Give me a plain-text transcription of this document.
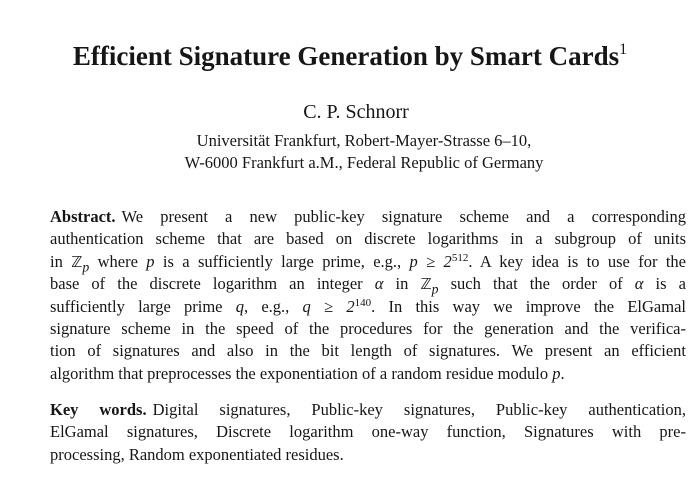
Efficient Signature Generation by Smart Cards$^1$
C. P. Schnorr
Universität Frankfurt, Robert-Mayer-Strasse 6–10,
W-6000 Frankfurt a.M., Federal Republic of Germany
Abstract. We present a new public-key signature scheme and a corresponding
authentication scheme that are based on discrete logarithms in a subgroup of units
in ℤ$_p$ where p is a sufficiently large prime, e.g., $p \ge 2^{512}$. A key idea is to use for the
base of the discrete logarithm an integer α in ℤ$_p$ such that the order of α is a
sufficiently large prime q, e.g., $q \ge 2^{140}$. In this way we improve the ElGamal
signature scheme in the speed of the procedures for the generation and the verifica-
tion of signatures and also in the bit length of signatures. We present an efficient
algorithm that preprocesses the exponentiation of a random residue modulo p.
Key words. Digital signatures, Public-key signatures, Public-key authentication,
ElGamal signatures, Discrete logarithm one-way function, Signatures with pre-
processing, Random exponentiated residues.
